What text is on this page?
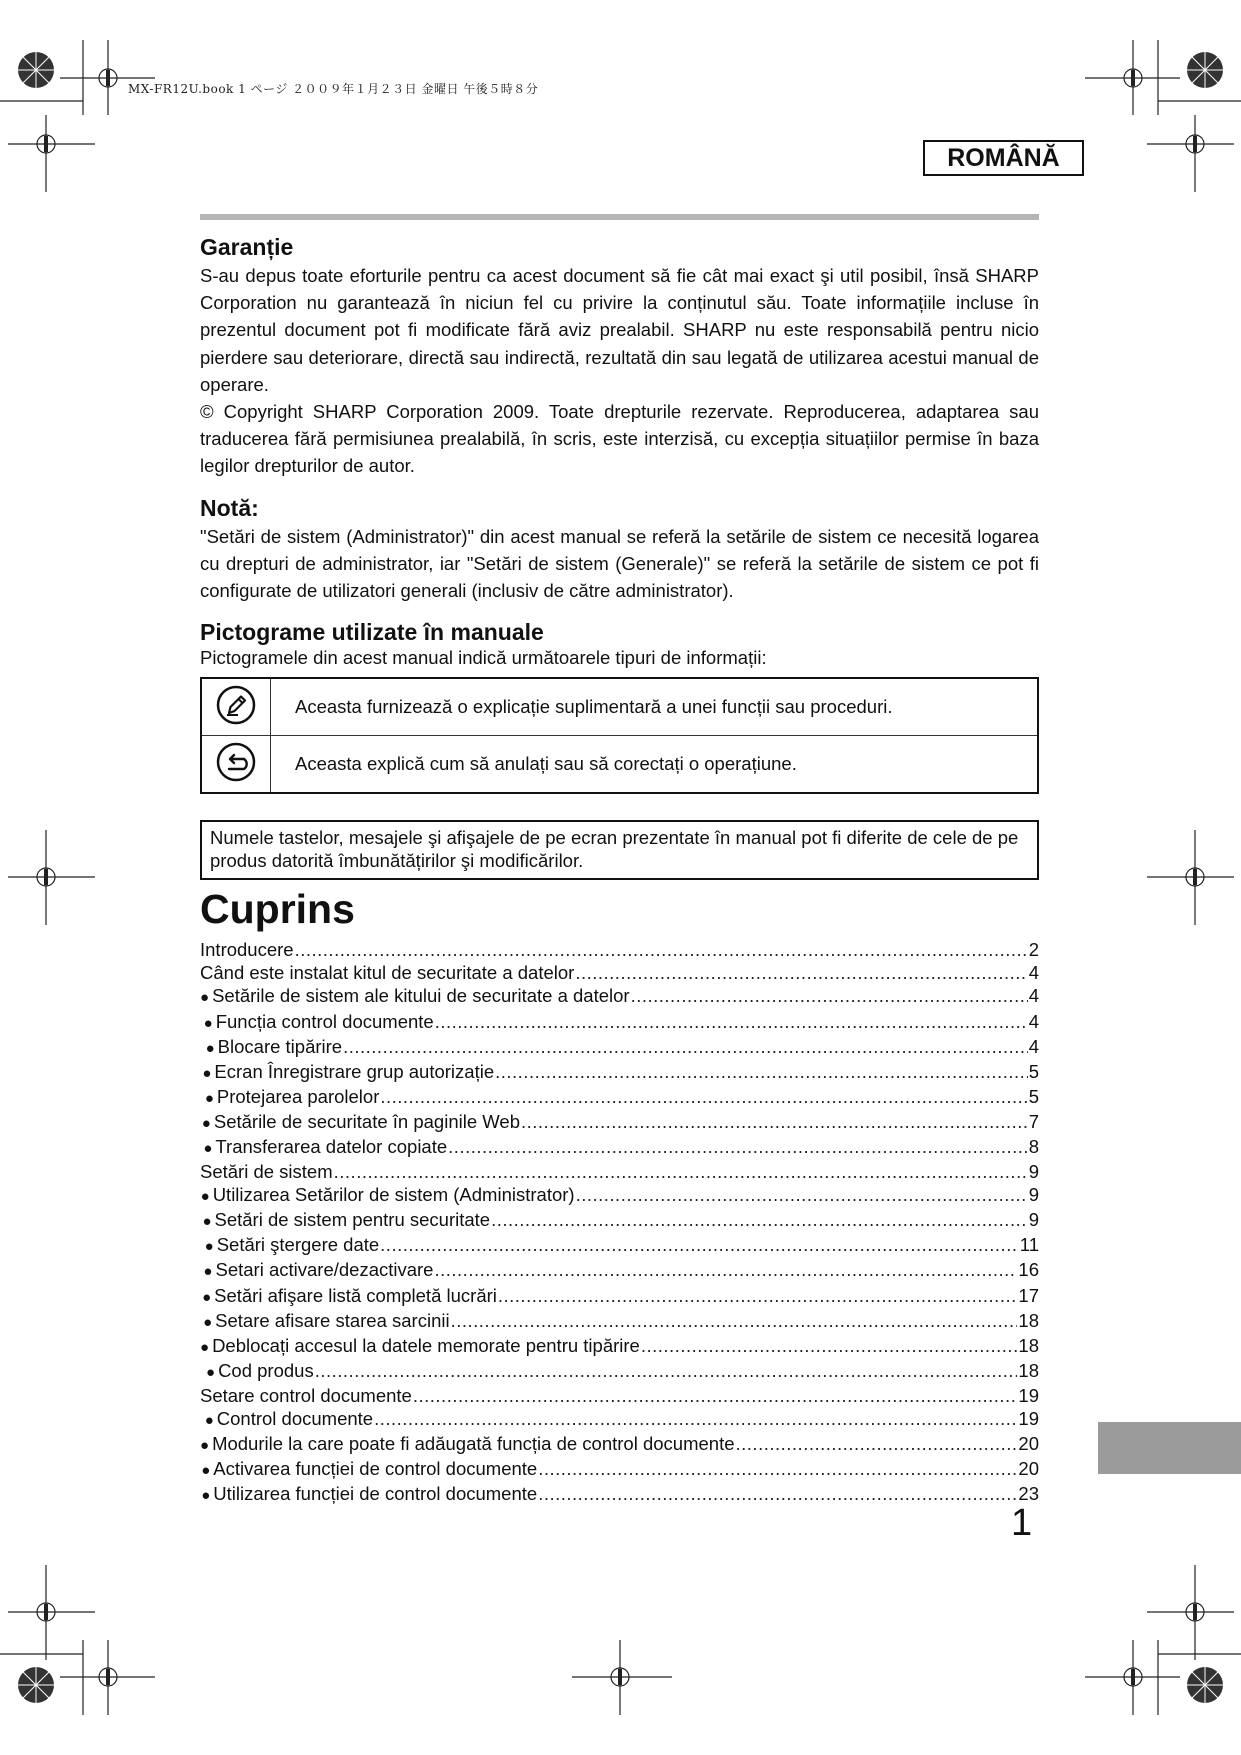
MX-FR12U.book 1 ページ ２００９年１月２３日 金曜日 午後５時８分
ROMÂNĂ
Garanție

S-au depus toate eforturile pentru ca acest document să fie cât mai exact şi util posibil, însă SHARP Corporation nu garantează în niciun fel cu privire la conținutul său. Toate informațiile incluse în prezentul document pot fi modificate fără aviz prealabil. SHARP nu este responsabilă pentru nicio pierdere sau deteriorare, directă sau indirectă, rezultată din sau legată de utilizarea acestui manual de operare.

© Copyright SHARP Corporation 2009. Toate drepturile rezervate. Reproducerea, adaptarea sau traducerea fără permisiunea prealabilă, în scris, este interzisă, cu excepția situațiilor permise în baza legilor drepturilor de autor.

Notă:

"Setări de sistem (Administrator)" din acest manual se referă la setările de sistem ce necesită logarea cu drepturi de administrator, iar "Setări de sistem (Generale)" se referă la setările de sistem ce pot fi configurate de utilizatori generali (inclusiv de către administrator).

Pictograme utilizate în manuale

Pictogramele din acest manual indică următoarele tipuri de informații:

	Aceasta furnizează o explicație suplimentară a unei funcții sau proceduri.
	Aceasta explică cum să anulați sau să corectați o operațiune.
Numele tastelor, mesajele şi afişajele de pe ecran prezentate în manual pot fi diferite de cele de pe produs datorită îmbunătățirilor şi modificărilor.
Cuprins
Introducere .....	2
Când este instalat kitul de securitate a datelor .....	4
● Setările de sistem ale kitului de securitate a datelor .....	4
● Funcția control documente .....	4
● Blocare tipărire .....	4
● Ecran Înregistrare grup autorizație .....	5
● Protejarea parolelor .....	5
● Setările de securitate în paginile Web .....	7
● Transferarea datelor copiate .....	8
Setări de sistem .....	9
● Utilizarea Setărilor de sistem (Administrator) .....	9
● Setări de sistem pentru securitate .....	9
● Setări ştergere date .....	11
● Setari activare/dezactivare .....	16
● Setări afişare listă completă lucrări .....	17
● Setare afisare starea sarcinii .....	18
● Deblocați accesul la datele memorate pentru tipărire .....	18
● Cod produs .....	18
Setare control documente .....	19
● Control documente .....	19
● Modurile la care poate fi adăugată funcția de control documente .....	20
● Activarea funcției de control documente .....	20
● Utilizarea funcției de control documente .....	23
1
